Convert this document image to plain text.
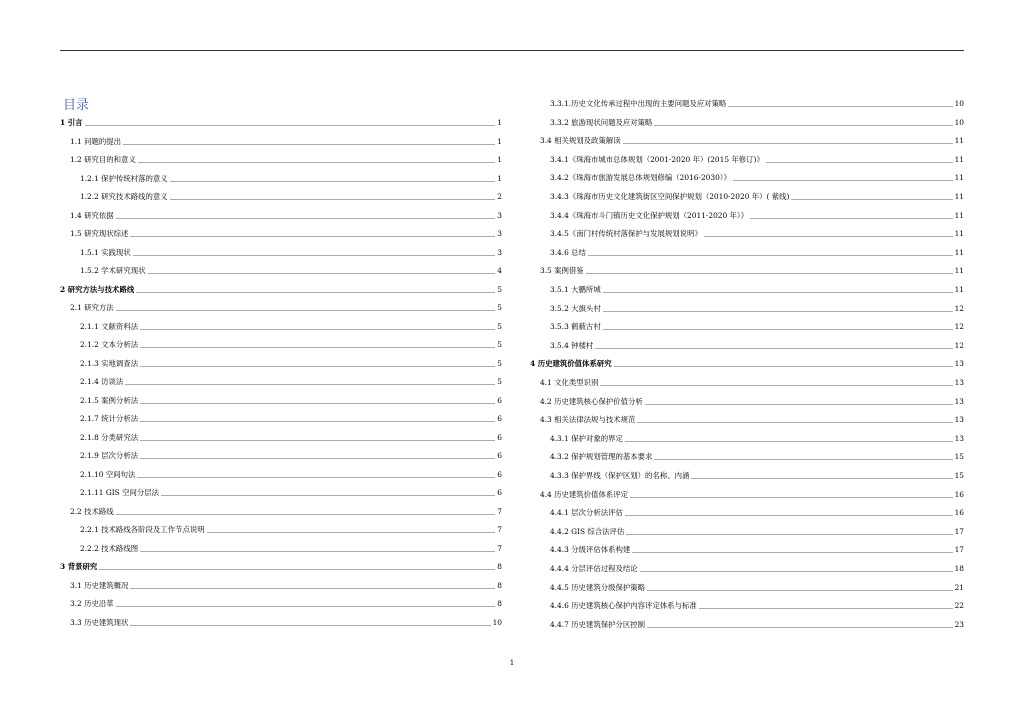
目录
1 引言	1
1.1 问题的提出	1
1.2 研究目的和意义	1
1.2.1 保护传统村落的意义	1
1.2.2 研究技术路线的意义	2
1.4 研究依据	3
1.5 研究现状综述	3
1.5.1 实践现状	3
1.5.2 学术研究现状	4
2 研究方法与技术路线	5
2.1 研究方法	5
2.1.1 文献资料法	5
2.1.2 文本分析法	5
2.1.3 实地调查法	5
2.1.4 访谈法	5
2.1.5 案例分析法	6
2.1.7 统计分析法	6
2.1.8 分类研究法	6
2.1.9 层次分析法	6
2.1.10 空间句法	6
2.1.11 GIS 空间分层法	6
2.2 技术路线	7
2.2.1 技术路线各阶段及工作节点说明	7
2.2.2 技术路线图	7
3 背景研究	8
3.1 历史建筑概况	8
3.2 历史沿革	8
3.3 历史建筑现状	10
3.3.1.历史文化传承过程中出现的主要问题及应对策略	10
3.3.2 旅游现状问题及应对策略	10
3.4 相关规划及政策解读	11
3.4.1《珠海市城市总体规划（2001-2020 年）(2015 年修订)》	11
3.4.2《珠海市旅游发展总体规划修编（2016-2030）》	11
3.4.3《珠海市历史文化建筑街区空间保护规划（2010-2020 年）( 紫线)	11
3.4.4《珠海市斗门镇历史文化保护规划（2011-2020 年）》	11
3.4.5《南门村传统村落保护与发展规划说明》	11
3.4.6 总结	11
3.5 案例借鉴	11
3.5.1 大鹏所城	11
3.5.2 大旗头村	12
3.5.3 鹤薮古村	12
3.5.4 钟楼村	12
4 历史建筑价值体系研究	13
4.1 文化类型识别	13
4.2 历史建筑核心保护价值分析	13
4.3 相关法律法规与技术规范	13
4.3.1 保护对象的界定	13
4.3.2 保护规划管理的基本要求	15
4.3.3 保护界线（保护区划）的名称、内涵	15
4.4 历史建筑价值体系评定	16
4.4.1 层次分析法评估	16
4.4.2 GIS 综合法评估	17
4.4.3 分级评估体系构建	17
4.4.4 分层评估过程及结论	18
4.4.5 历史建筑分级保护策略	21
4.4.6 历史建筑核心保护内容评定体系与标准	22
4.4.7 历史建筑保护分区控制	23
1
